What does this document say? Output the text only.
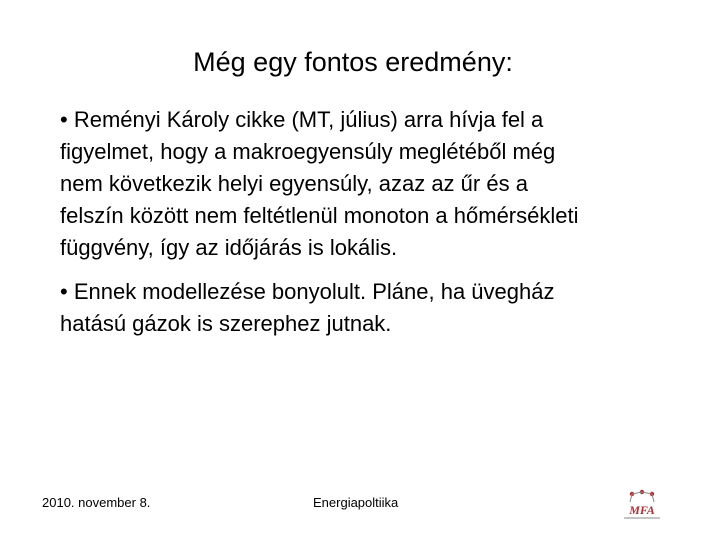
Még egy fontos eredmény:
• Reményi Károly cikke (MT, július) arra hívja fel a
figyelmet, hogy a makroegyensúly meglétéből még
nem következik helyi egyensúly, azaz az űr és a
felszín között nem feltétlenül monoton a hőmérsékleti
függvény, így az időjárás is lokális.
• Ennek modellezése bonyolult. Pláne, ha üvegház
hatású gázok is szerephez jutnak.
2010. november 8.	Energiapoltiika	MFA
